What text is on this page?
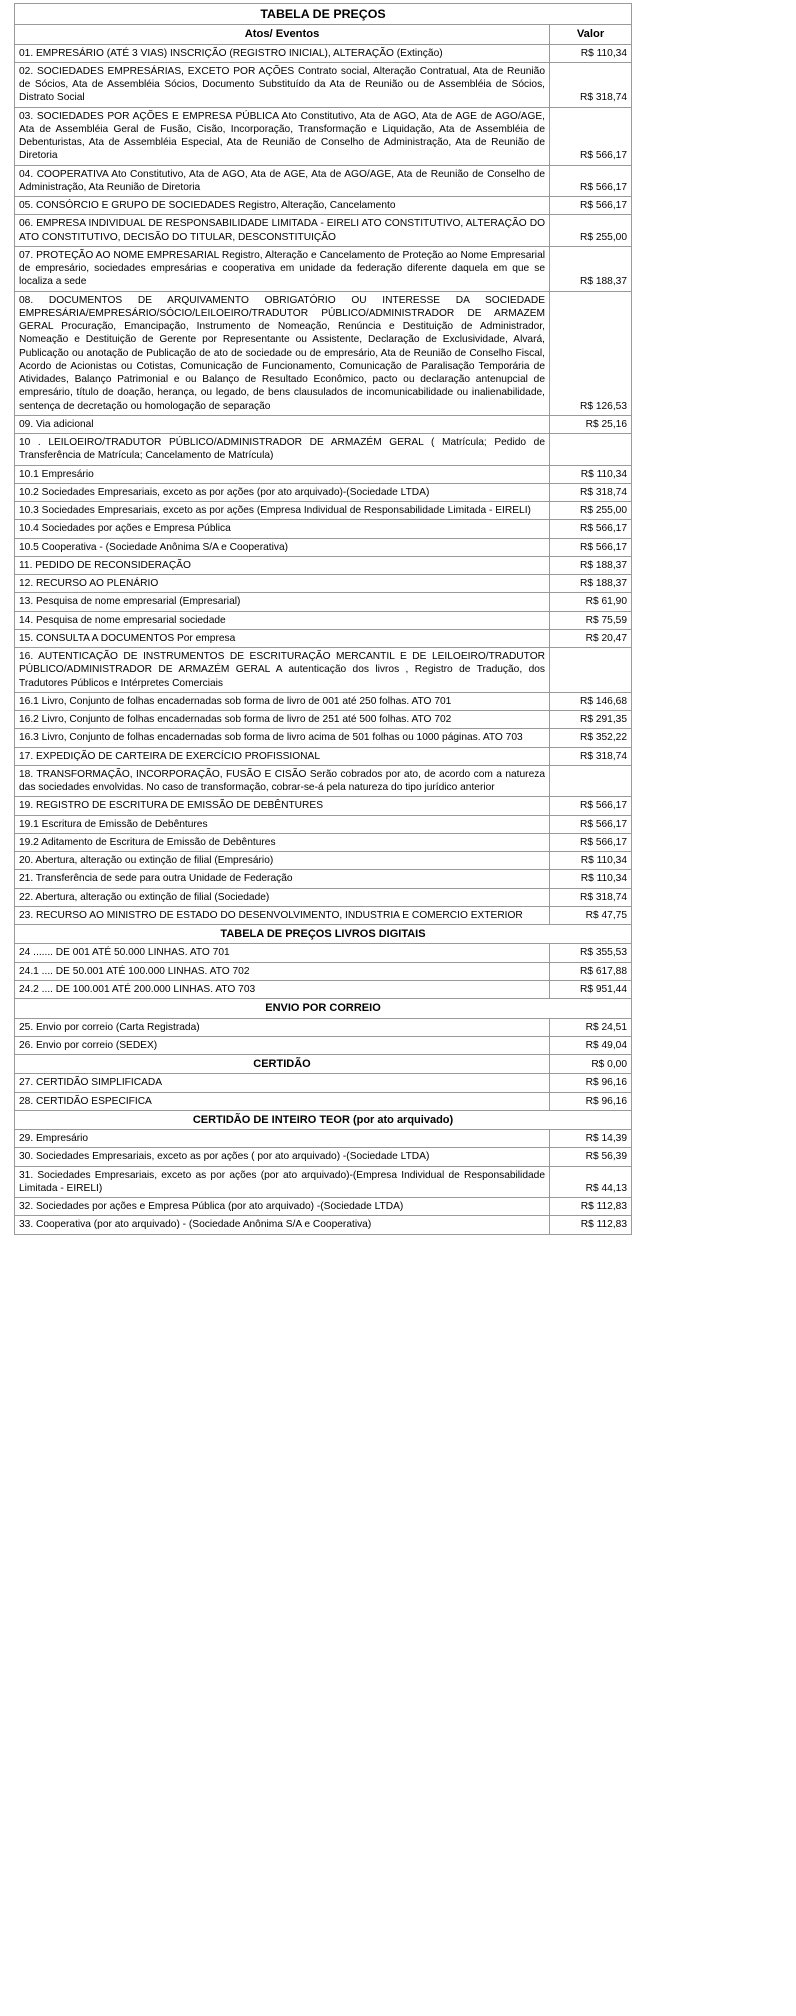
TABELA DE PREÇOS	
Atos/ Eventos	Valor
01. EMPRESÁRIO (ATÉ 3 VIAS) INSCRIÇÃO (REGISTRO INICIAL), ALTERAÇÃO (Extinção)	R$ 110,34
02. SOCIEDADES EMPRESÁRIAS, EXCETO POR AÇÕES Contrato social, Alteração Contratual, Ata de Reunião de Sócios, Ata de Assembléia Sócios, Documento Substituído da Ata de Reunião ou de Assembléia de Sócios, Distrato Social	R$ 318,74
03. SOCIEDADES POR AÇÕES E EMPRESA PÚBLICA Ato Constitutivo, Ata de AGO, Ata de AGE de AGO/AGE, Ata de Assembléia Geral de Fusão, Cisão, Incorporação, Transformação e Liquidação, Ata de Assembléia de Debenturistas, Ata de Assembléia Especial, Ata de Reunião de Conselho de Administração, Ata de Reunião de Diretoria	R$ 566,17
04. COOPERATIVA Ato Constitutivo, Ata de AGO, Ata de AGE, Ata de AGO/AGE, Ata de Reunião de Conselho de Administração, Ata Reunião de Diretoria	R$ 566,17
05. CONSÓRCIO E GRUPO DE SOCIEDADES Registro, Alteração, Cancelamento	R$ 566,17
06. EMPRESA INDIVIDUAL DE RESPONSABILIDADE LIMITADA - EIRELI ATO CONSTITUTIVO, ALTERAÇÃO DO ATO CONSTITUTIVO, DECISÃO DO TITULAR, DESCONSTITUIÇÃO	R$ 255,00
07. PROTEÇÃO AO NOME EMPRESARIAL Registro, Alteração e Cancelamento de Proteção ao Nome Empresarial de empresário, sociedades empresárias e cooperativa em unidade da federação diferente daquela em que se localiza a sede	R$ 188,37
08. DOCUMENTOS DE ARQUIVAMENTO OBRIGATÓRIO OU INTERESSE DA SOCIEDADE EMPRESÁRIA/EMPRESÁRIO/SÓCIO/LEILOEIRO/TRADUTOR PÚBLICO/ADMINISTRADOR DE ARMAZEM GERAL Procuração, Emancipação, Instrumento de Nomeação, Renúncia e Destituição de Administrador, Nomeação e Destituição de Gerente por Representante ou Assistente, Declaração de Exclusividade, Alvará, Publicação ou anotação de Publicação de ato de sociedade ou de empresário, Ata de Reunião de Conselho Fiscal, Acordo de Acionistas ou Cotistas, Comunicação de Funcionamento, Comunicação de Paralisação Temporária de Atividades, Balanço Patrimonial e ou Balanço de Resultado Econômico, pacto ou declaração antenupcial de empresário, título de doação, herança, ou legado, de bens clausulados de incomunicabilidade ou inalienabilidade, sentença de decretação ou homologação de separação	R$ 126,53
09. Via adicional	R$ 25,16
10 . LEILOEIRO/TRADUTOR PÚBLICO/ADMINISTRADOR DE ARMAZÉM GERAL ( Matrícula; Pedido de Transferência de Matrícula; Cancelamento de Matrícula)	
10.1 Empresário	R$ 110,34
10.2 Sociedades Empresariais, exceto as por ações (por ato arquivado)-(Sociedade LTDA)	R$ 318,74
10.3 Sociedades Empresariais, exceto as por ações (Empresa Individual de Responsabilidade Limitada - EIRELI)	R$ 255,00
10.4 Sociedades por ações e Empresa Pública	R$ 566,17
10.5 Cooperativa - (Sociedade Anônima S/A e Cooperativa)	R$ 566,17
11. PEDIDO DE RECONSIDERAÇÃO	R$ 188,37
12. RECURSO AO PLENÁRIO	R$ 188,37
13. Pesquisa de nome empresarial (Empresarial)	R$ 61,90
14. Pesquisa de nome empresarial sociedade	R$ 75,59
15. CONSULTA A DOCUMENTOS Por empresa	R$ 20,47
16. AUTENTICAÇÃO DE INSTRUMENTOS DE ESCRITURAÇÃO MERCANTIL E DE LEILOEIRO/TRADUTOR PÚBLICO/ADMINISTRADOR DE ARMAZÉM GERAL A autenticação dos livros , Registro de Tradução, dos Tradutores Públicos e Intérpretes Comerciais	
16.1 Livro, Conjunto de folhas encadernadas sob forma de livro de 001 até 250 folhas. ATO 701	R$ 146,68
16.2 Livro, Conjunto de folhas encadernadas sob forma de livro de 251 até 500 folhas. ATO 702	R$ 291,35
16.3 Livro, Conjunto de folhas encadernadas sob forma de livro acima de 501 folhas ou 1000 páginas. ATO 703	R$ 352,22
17. EXPEDIÇÃO DE CARTEIRA DE EXERCÍCIO PROFISSIONAL	R$ 318,74
18. TRANSFORMAÇÃO, INCORPORAÇÃO, FUSÃO E CISÃO Serão cobrados por ato, de acordo com a natureza das sociedades envolvidas. No caso de transformação, cobrar-se-á pela natureza do tipo jurídico anterior	
19. REGISTRO DE ESCRITURA DE EMISSÃO DE DEBÊNTURES	R$ 566,17
19.1 Escritura de Emissão de Debêntures	R$ 566,17
19.2 Aditamento de Escritura de Emissão de Debêntures	R$ 566,17
20. Abertura, alteração ou extinção de filial (Empresário)	R$ 110,34
21. Transferência de sede para outra Unidade de Federação	R$ 110,34
22. Abertura, alteração ou extinção de filial (Sociedade)	R$ 318,74
23. RECURSO AO MINISTRO DE ESTADO DO DESENVOLVIMENTO, INDUSTRIA E COMERCIO EXTERIOR	R$ 47,75
TABELA DE PREÇOS LIVROS DIGITAIS	
24 ....... DE 001 ATÉ 50.000 LINHAS. ATO 701	R$ 355,53
24.1 .... DE 50.001 ATÉ 100.000 LINHAS. ATO 702	R$ 617,88
24.2 .... DE 100.001 ATÉ 200.000 LINHAS. ATO 703	R$ 951,44
ENVIO POR CORREIO	
25. Envio por correio (Carta Registrada)	R$ 24,51
26. Envio por correio (SEDEX)	R$ 49,04
CERTIDÃO	R$ 0,00
27. CERTIDÃO SIMPLIFICADA	R$ 96,16
28. CERTIDÃO ESPECIFICA	R$ 96,16
CERTIDÃO DE INTEIRO TEOR (por ato arquivado)	
29. Empresário	R$ 14,39
30. Sociedades Empresariais, exceto as por ações ( por ato arquivado) -(Sociedade LTDA)	R$ 56,39
31. Sociedades Empresariais, exceto as por ações (por ato arquivado)-(Empresa Individual de Responsabilidade Limitada - EIRELI)	R$ 44,13
32. Sociedades por ações e Empresa Pública (por ato arquivado) -(Sociedade LTDA)	R$ 112,83
33. Cooperativa (por ato arquivado) - (Sociedade Anônima S/A e Cooperativa)	R$ 112,83
